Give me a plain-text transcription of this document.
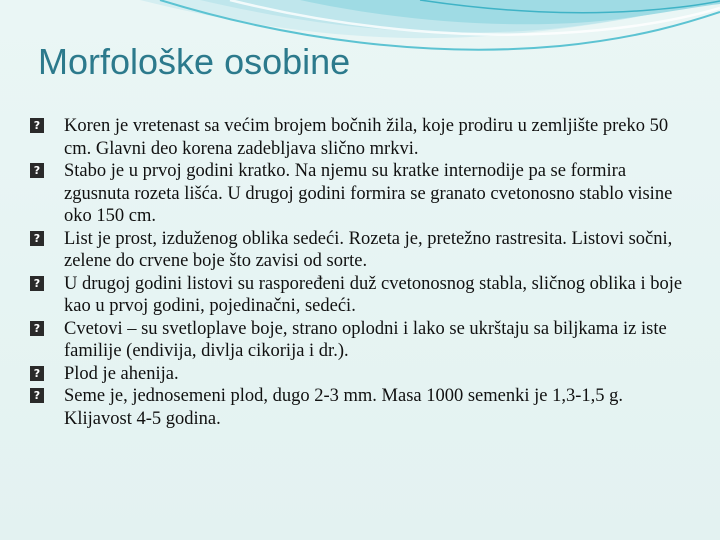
Morfološke osobine
? Koren je vretenast sa većim brojem bočnih žila, koje prodiru u zemljište preko 50 cm. Glavni deo korena zadebljava slično mrkvi.
? Stabo je u prvoj godini kratko. Na njemu su kratke internodije pa se formira zgusnuta rozeta lišća. U drugoj godini formira se granato cvetonosno stablo visine oko 150 cm.
? List je prost, izduženog oblika sedeći. Rozeta je, pretežno rastresita. Listovi sočni, zelene do crvene boje što zavisi od sorte.
? U drugoj godini listovi su raspoređeni duž cvetonosnog stabla, sličnog oblika i boje kao u prvoj godini, pojedinačni, sedeći.
? Cvetovi – su svetloplave boje, strano oplodni i lako se ukrštaju sa biljkama iz iste familije (endivija, divlja cikorija i dr.).
? Plod je ahenija.
? Seme je, jednosemeni plod, dugo 2-3 mm. Masa 1000 semenki je 1,3-1,5 g. Klijavost 4-5 godina.
